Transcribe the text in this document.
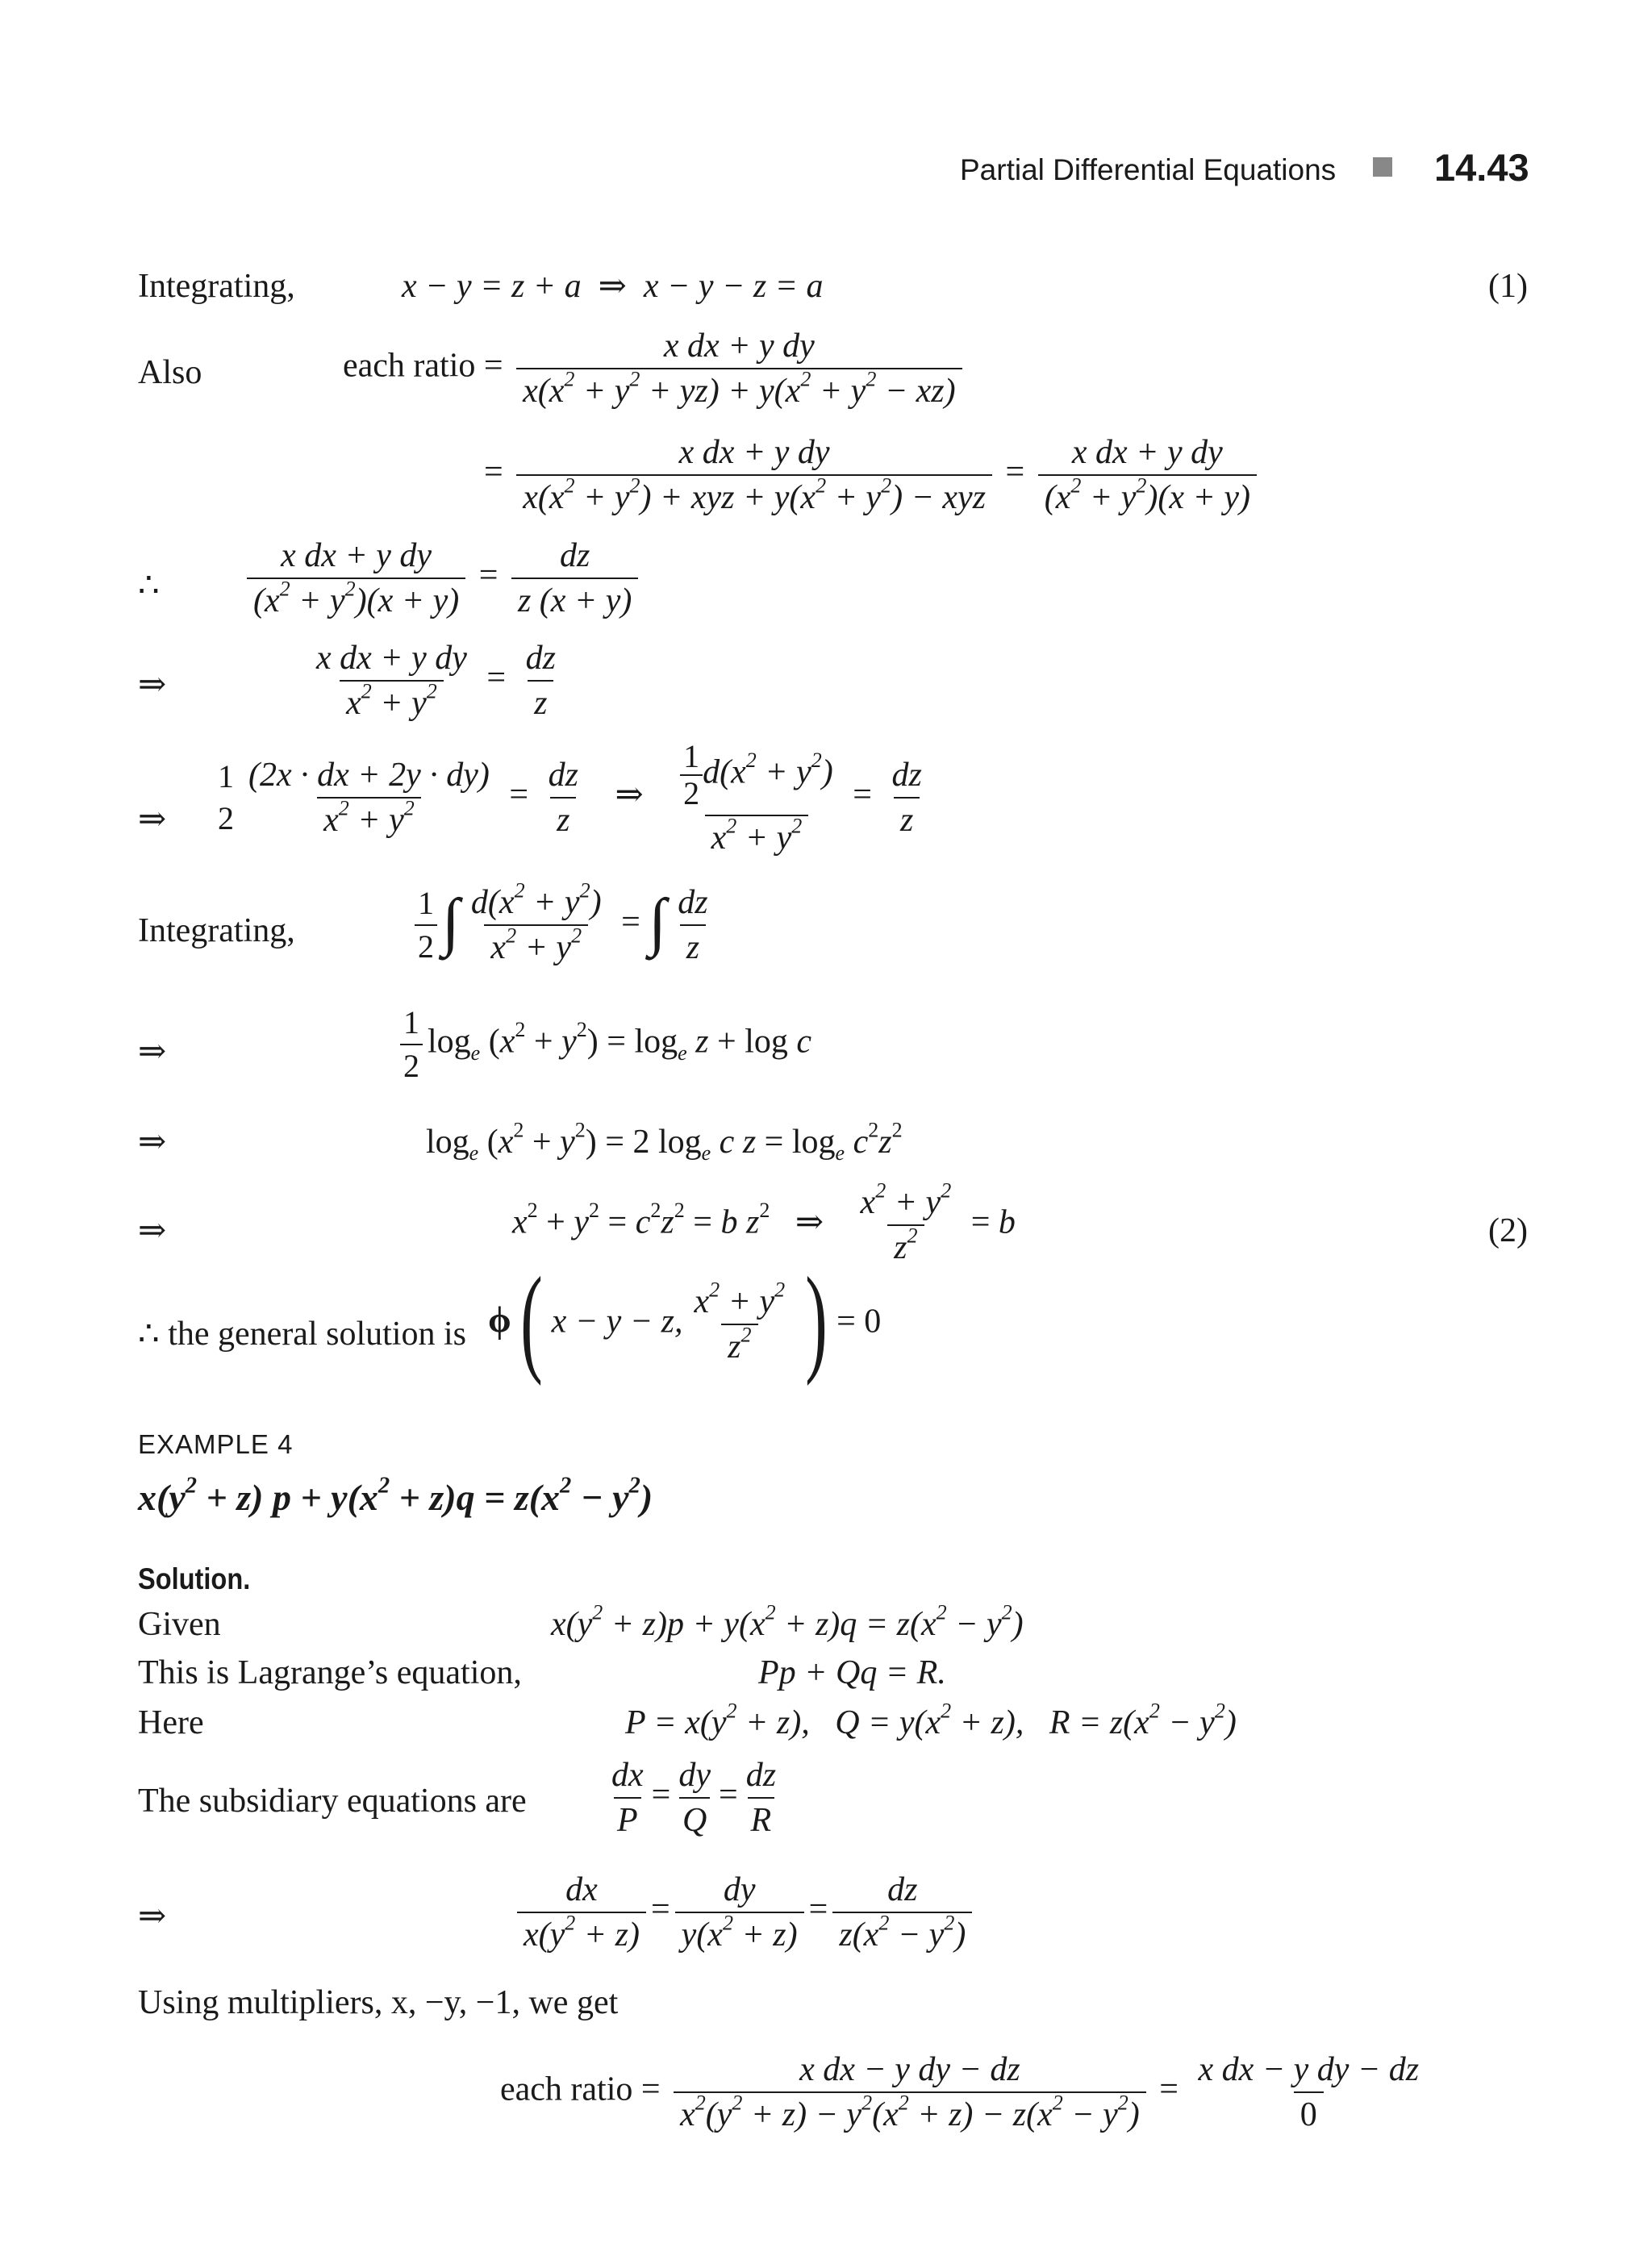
Partial Differential Equations	14.43
Integrating,	x − y = z + a  ⇒  x − y − z = a	(1)
Also	each ratio = $\frac{\text{x dx + y dy}}{x(x^2 + y^2 + yz) + y(x^2 + y^2 - xz)}$
= $\frac{\text{x dx + y dy}}{x(x^2 + y^2) + xyz + y(x^2 + y^2) - xyz} = \frac{\text{x dx + y dy}}{(x^2 + y^2)(x + y)}$
∴	$\frac{\text{x dx + y dy}}{(x^2 + y^2)(x + y)} = \frac{dz}{z (x + y)}$
⇒	$\frac{\text{x dx + y dy}}{x^2 + y^2} = \frac{dz}{z}$
⇒
1
$2 \frac{(2x \cdot dx + 2y \cdot dy)}{x^2 + y^2} = \frac{dz}{z}$ ⇒ $\frac{\frac{1}{2} d(x^2 + y^2)}{x^2 + y^2} = \frac{dz}{z}$
Integrating,	$\frac{1}{2}$ ∫ $\frac{d(x^2 + y^2)}{x^2 + y^2}$ = ∫ $\frac{dz}{z}$
⇒	$\frac{1}{2} \log_e (x^2 + y^2) = \log_e z + \log c$
⇒	$\log_e (x^2 + y^2) = 2$ $\log_e c$ $z = \log_e c^2z^2$
⇒	$x^2 + y^2 = c^2z^2 = b$ $z^2$   ⇒ $\frac{x^2 + y^2}{z^2} = b$	(2)
∴ the general solution is ϕ( x − y − z, $\frac{x^2 + y^2}{z^2}$ ) = 0
EXAMPLE 4
$x(y^2 + z) p + y(x^2 + z)q = z(x^2 - y^2)$
Solution.
Given	$x(y^2 + z)p + y(x^2 + z)q = z(x^2 - y^2)$
This is Lagrange’s equation,	Pp + Qq = R.
Here	$P = x(y^2 + z)$,   $Q = y(x^2 + z)$,   $R = z(x^2 - y^2)$
The subsidiary equations are $\frac{dx}{P} = \frac{dy}{Q} = \frac{dz}{R}$
⇒	$\frac{dx}{x(y^2 + z)} = \frac{dy}{y(x^2 + z)} = \frac{dz}{z(x^2 - y^2)}$
Using multipliers, x, −y, −1, we get
each ratio = $\frac{\text{x dx − y dy − dz}}{x^2(y^2 + z) - y^2(x^2 + z) - z(x^2 - y^2)} = \frac{\text{x dx − y dy − dz}}{0}$
